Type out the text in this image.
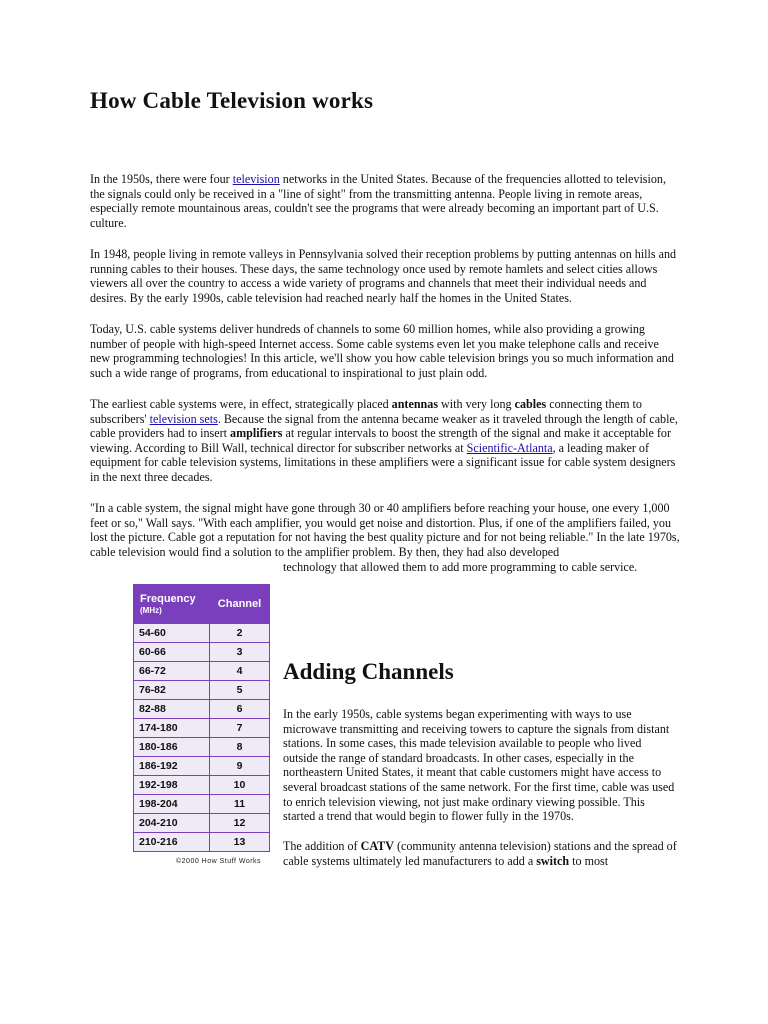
How Cable Television works

In the 1950s, there were four television networks in the United States. Because of the frequencies allotted to television, the signals could only be received in a "line of sight" from the transmitting antenna. People living in remote areas, especially remote mountainous areas, couldn't see the programs that were already becoming an important part of U.S. culture.

In 1948, people living in remote valleys in Pennsylvania solved their reception problems by putting antennas on hills and running cables to their houses. These days, the same technology once used by remote hamlets and select cities allows viewers all over the country to access a wide variety of programs and channels that meet their individual needs and desires. By the early 1990s, cable television had reached nearly half the homes in the United States.

Today, U.S. cable systems deliver hundreds of channels to some 60 million homes, while also providing a growing number of people with high-speed Internet access. Some cable systems even let you make telephone calls and receive new programming technologies! In this article, we'll show you how cable television brings you so much information and such a wide range of programs, from educational to inspirational to just plain odd.

The earliest cable systems were, in effect, strategically placed antennas with very long cables connecting them to subscribers' television sets. Because the signal from the antenna became weaker as it traveled through the length of cable, cable providers had to insert amplifiers at regular intervals to boost the strength of the signal and make it acceptable for viewing. According to Bill Wall, technical director for subscriber networks at Scientific-Atlanta, a leading maker of equipment for cable television systems, limitations in these amplifiers were a significant issue for cable system designers in the next three decades.

"In a cable system, the signal might have gone through 30 or 40 amplifiers before reaching your house, one every 1,000 feet or so," Wall says. "With each amplifier, you would get noise and distortion. Plus, if one of the amplifiers failed, you lost the picture. Cable got a reputation for not having the best quality picture and for not being reliable." In the late 1970s, cable television would find a solution to the amplifier problem. By then, they had also developed

technology that allowed them to add more programming to cable service.

Frequency
(MHz)	Channel
54-60	2
60-66	3
66-72	4
76-82	5
82-88	6
174-180	7
180-186	8
186-192	9
192-198	10
198-204	11
204-210	12
210-216	13

©2000 How Stuff Works

Adding Channels

In the early 1950s, cable systems began experimenting with ways to use microwave transmitting and receiving towers to capture the signals from distant stations. In some cases, this made television available to people who lived outside the range of standard broadcasts. In other cases, especially in the northeastern United States, it meant that cable customers might have access to several broadcast stations of the same network. For the first time, cable was used to enrich television viewing, not just make ordinary viewing possible. This started a trend that would begin to flower fully in the 1970s.

The addition of CATV (community antenna television) stations and the spread of cable systems ultimately led manufacturers to add a switch to most
